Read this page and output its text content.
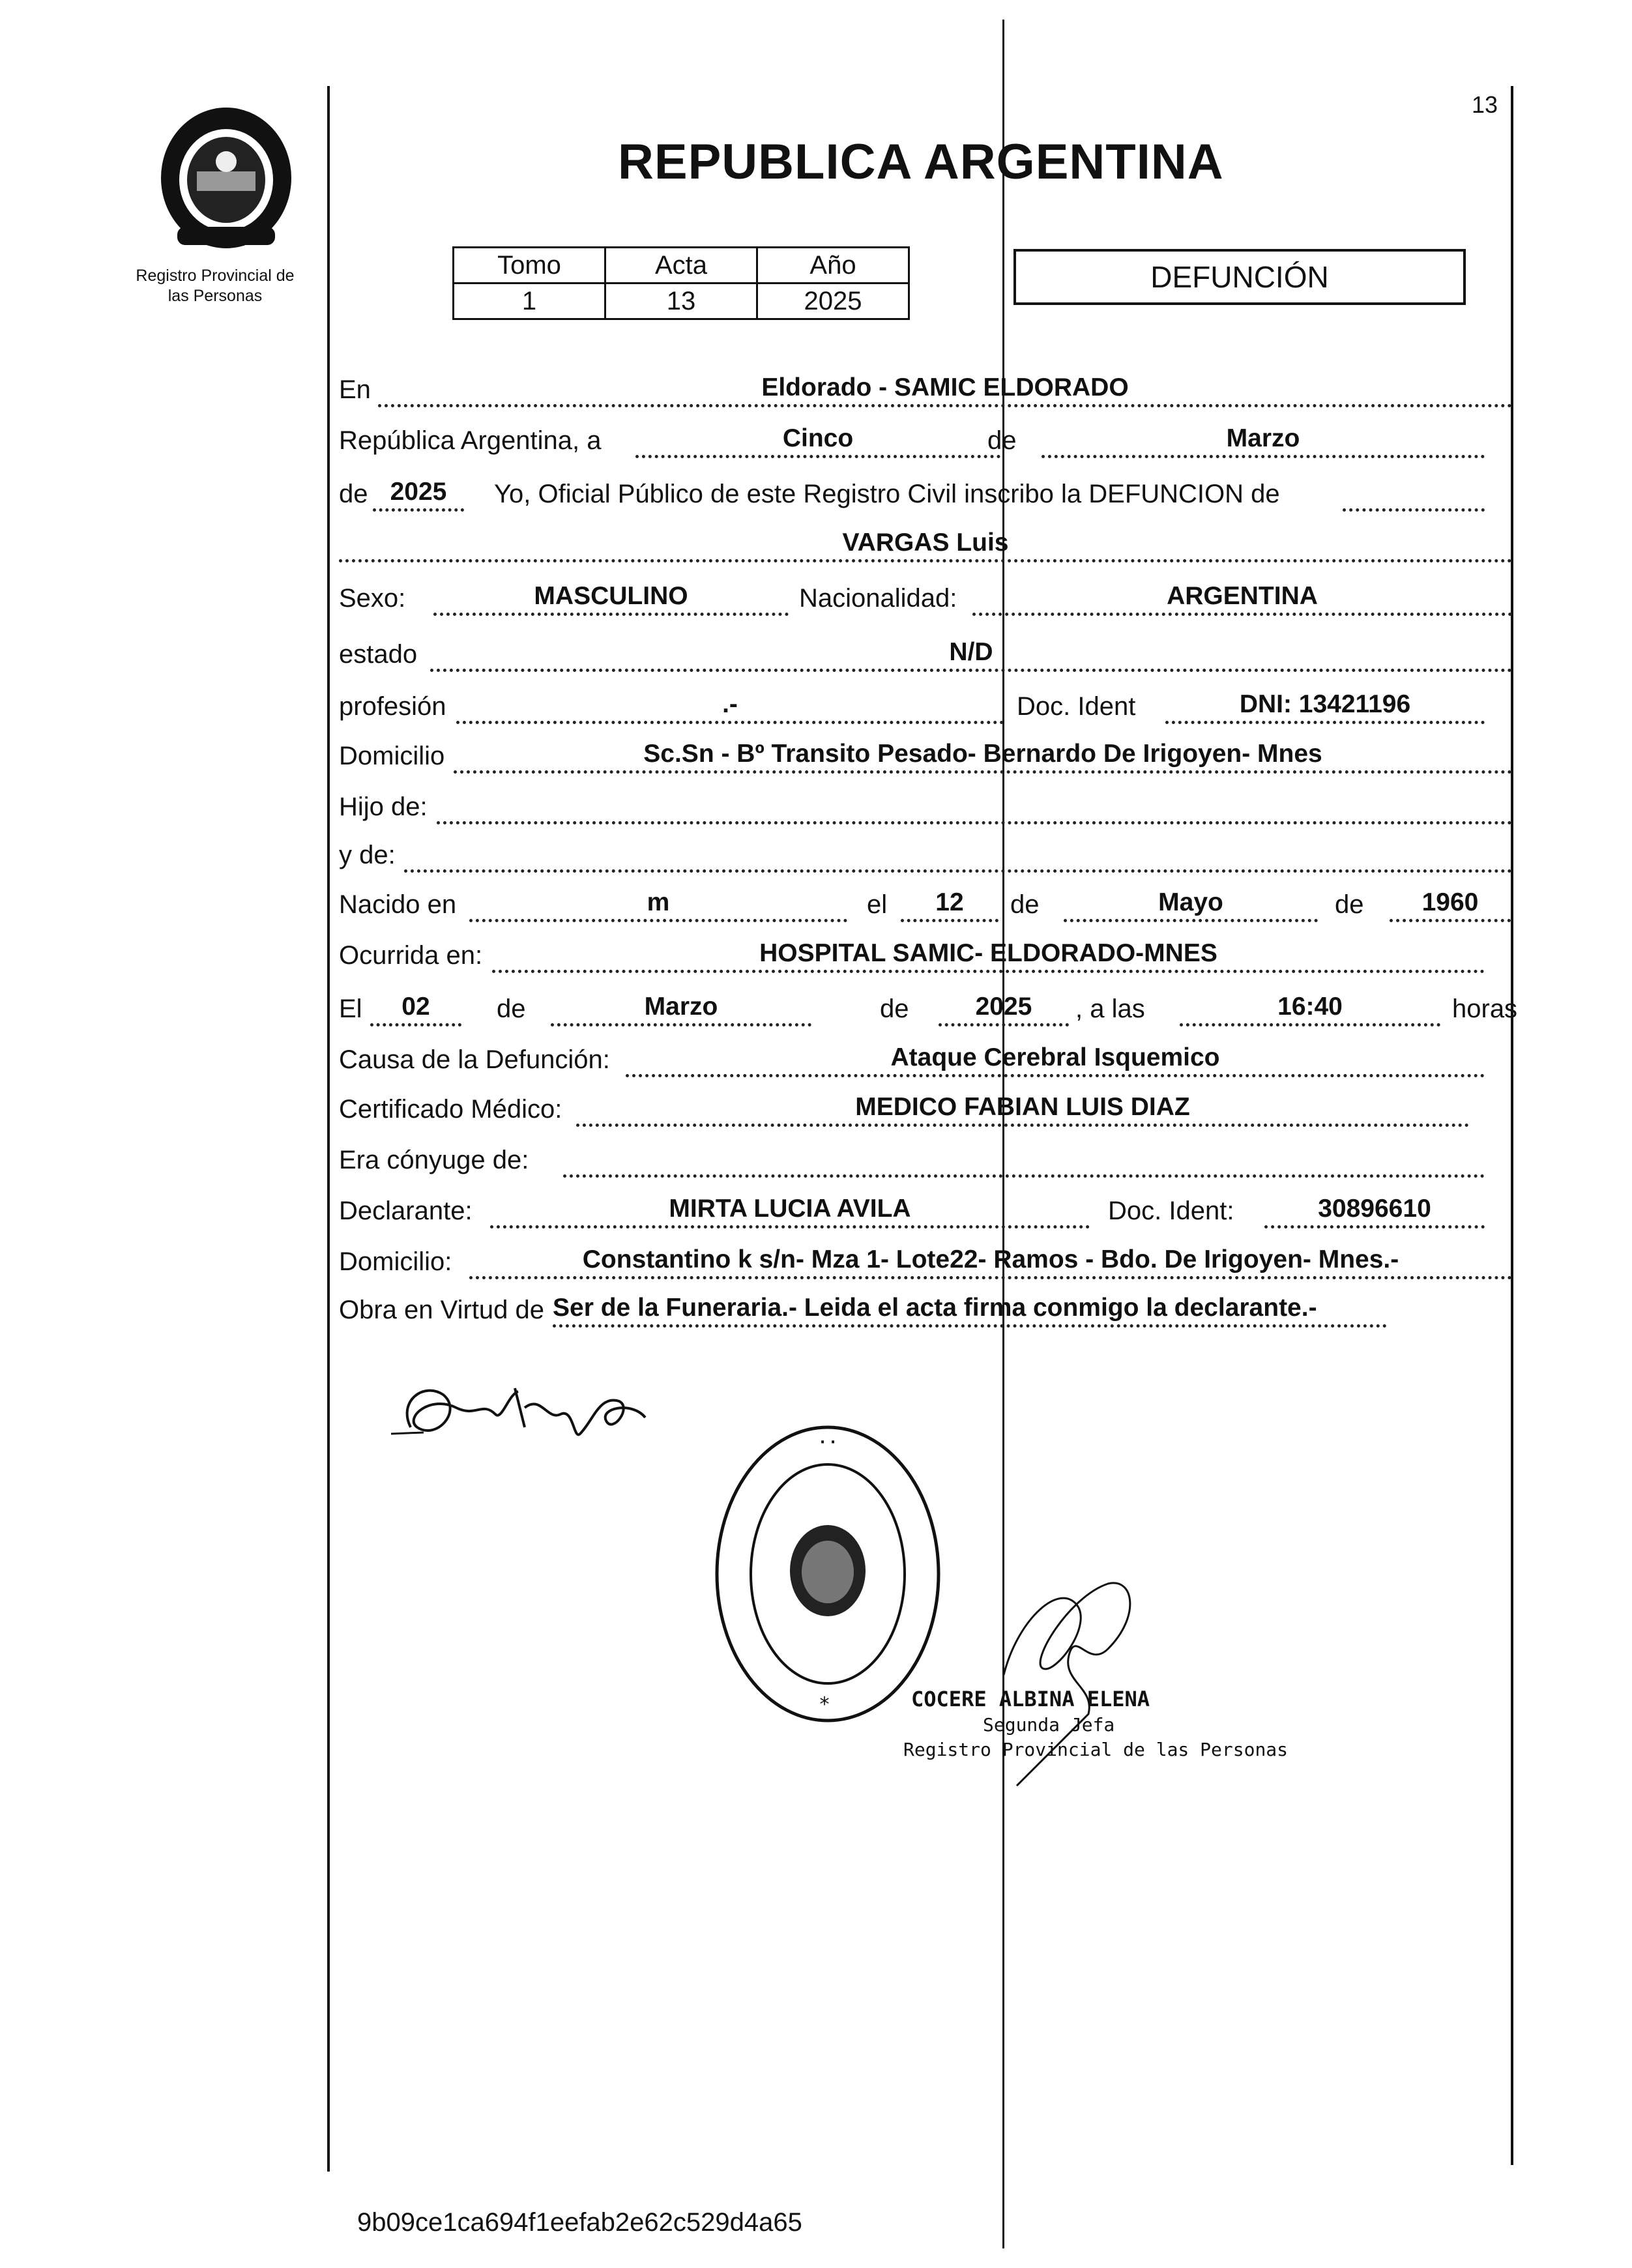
Registro Provincial de
las Personas
13
REPUBLICA ARGENTINA
Tomo	Acta	Año
1	13	2025
DEFUNCIÓN
En	Eldorado - SAMIC ELDORADO
República Argentina, a	Cinco	de	Marzo
de 2025	Yo, Oficial Público de este Registro Civil inscribo la DEFUNCION de
VARGAS Luis
Sexo:	MASCULINO	Nacionalidad:	ARGENTINA
estado	N/D
profesión	.-	Doc. Ident	DNI: 13421196
Domicilio	Sc.Sn - Bº Transito Pesado- Bernardo De Irigoyen- Mnes
Hijo de:
y de:
Nacido en	m	el	12	de	Mayo	de	1960
Ocurrida en:	HOSPITAL SAMIC- ELDORADO-MNES
El	02	de	Marzo	de	2025	, a las	16:40	horas
Causa de la Defunción:	Ataque Cerebral Isquemico
Certificado Médico:	MEDICO FABIAN LUIS DIAZ
Era cónyuge de:
Declarante:	MIRTA LUCIA AVILA	Doc. Ident:	30896610
Domicilio:	Constantino k s/n- Mza 1- Lote22- Ramos - Bdo. De Irigoyen- Mnes.-
Obra en Virtud de Ser de la Funeraria.- Leida el acta firma conmigo la declarante.-
· ·
*	COCERE ALBINA ELENA
Segunda Jefa
Registro Provincial de las Personas
9b09ce1ca694f1eefab2e62c529d4a65
